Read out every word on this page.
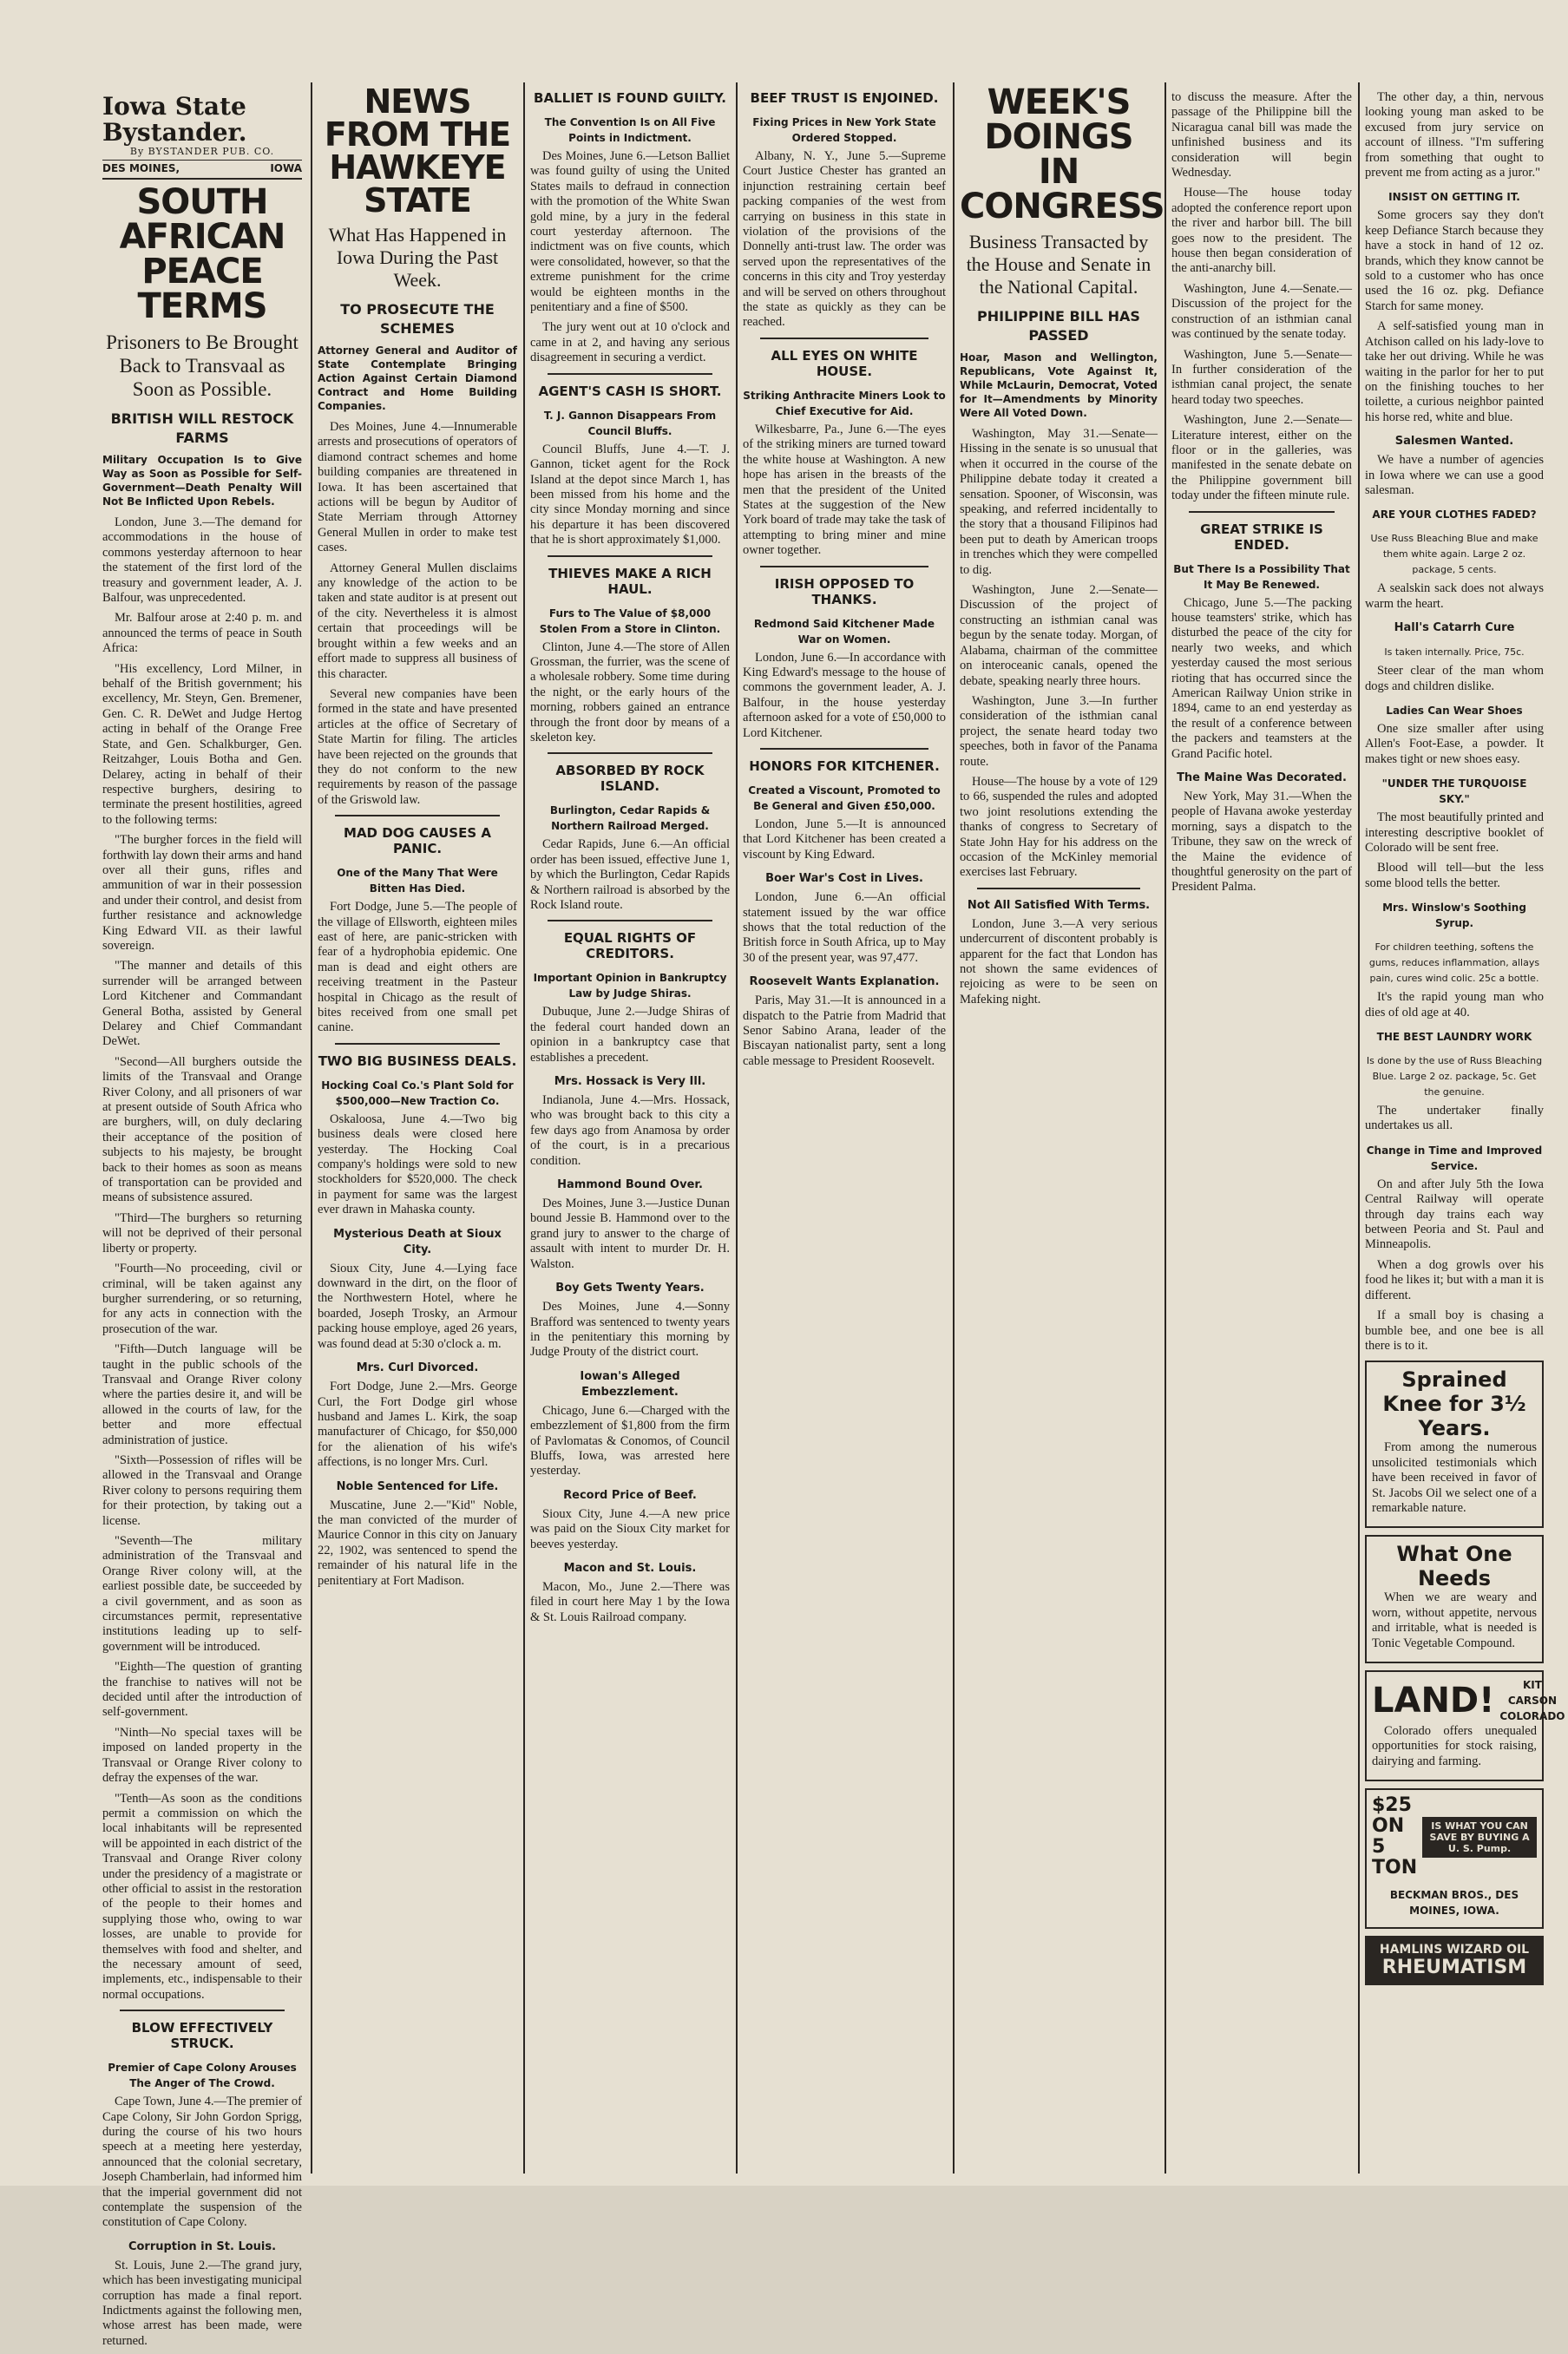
Iowa State Bystander.
By BYSTANDER PUB. CO.
DES MOINES,	IOWA
SOUTH AFRICAN PEACE TERMS
Prisoners to Be Brought Back to Transvaal as Soon as Possible.
BRITISH WILL RESTOCK FARMS
Military Occupation Is to Give Way as Soon as Possible for Self-Government—Death Penalty Will Not Be Inflicted Upon Rebels.

London, June 3.—The demand for accommodations in the house of commons yesterday afternoon to hear the statement of the first lord of the treasury and government leader, A. J. Balfour, was unprecedented.

Mr. Balfour arose at 2:40 p. m. and announced the terms of peace in South Africa:

"His excellency, Lord Milner, in behalf of the British government; his excellency, Mr. Steyn, Gen. Bremener, Gen. C. R. DeWet and Judge Hertog acting in behalf of the Orange Free State, and Gen. Schalkburger, Gen. Reitzahger, Louis Botha and Gen. Delarey, acting in behalf of their respective burghers, desiring to terminate the present hostilities, agreed to the following terms:

"The burgher forces in the field will forthwith lay down their arms and hand over all their guns, rifles and ammunition of war in their possession and under their control, and desist from further resistance and acknowledge King Edward VII. as their lawful sovereign.

"The manner and details of this surrender will be arranged between Lord Kitchener and Commandant General Botha, assisted by General Delarey and Chief Commandant DeWet.

"Second—All burghers outside the limits of the Transvaal and Orange River Colony, and all prisoners of war at present outside of South Africa who are burghers, will, on duly declaring their acceptance of the position of subjects to his majesty, be brought back to their homes as soon as means of transportation can be provided and means of subsistence assured.

"Third—The burghers so returning will not be deprived of their personal liberty or property.

"Fourth—No proceeding, civil or criminal, will be taken against any burgher surrendering, or so returning, for any acts in connection with the prosecution of the war.

"Fifth—Dutch language will be taught in the public schools of the Transvaal and Orange River colony where the parties desire it, and will be allowed in the courts of law, for the better and more effectual administration of justice.

"Sixth—Possession of rifles will be allowed in the Transvaal and Orange River colony to persons requiring them for their protection, by taking out a license.

"Seventh—The military administration of the Transvaal and Orange River colony will, at the earliest possible date, be succeeded by a civil government, and as soon as circumstances permit, representative institutions leading up to self-government will be introduced.

"Eighth—The question of granting the franchise to natives will not be decided until after the introduction of self-government.

"Ninth—No special taxes will be imposed on landed property in the Transvaal or Orange River colony to defray the expenses of the war.

"Tenth—As soon as the conditions permit a commission on which the local inhabitants will be represented will be appointed in each district of the Transvaal and Orange River colony under the presidency of a magistrate or other official to assist in the restoration of the people to their homes and supplying those who, owing to war losses, are unable to provide for themselves with food and shelter, and the necessary amount of seed, implements, etc., indispensable to their normal occupations.

BLOW EFFECTIVELY STRUCK.
Premier of Cape Colony Arouses The Anger of The Crowd.

Cape Town, June 4.—The premier of Cape Colony, Sir John Gordon Sprigg, during the course of his two hours speech at a meeting here yesterday, announced that the colonial secretary, Joseph Chamberlain, had informed him that the imperial government did not contemplate the suspension of the constitution of Cape Colony.

Corruption in St. Louis.

St. Louis, June 2.—The grand jury, which has been investigating municipal corruption has made a final report. Indictments against the following men, whose arrest has been made, were returned.

NEWS FROM THE HAWKEYE STATE
What Has Happened in Iowa During the Past Week.
TO PROSECUTE THE SCHEMES
Attorney General and Auditor of State Contemplate Bringing Action Against Certain Diamond Contract and Home Building Companies.

Des Moines, June 4.—Innumerable arrests and prosecutions of operators of diamond contract schemes and home building companies are threatened in Iowa. It has been ascertained that actions will be begun by Auditor of State Merriam through Attorney General Mullen in order to make test cases.

Attorney General Mullen disclaims any knowledge of the action to be taken and state auditor is at present out of the city. Nevertheless it is almost certain that proceedings will be brought within a few weeks and an effort made to suppress all business of this character.

Several new companies have been formed in the state and have presented articles at the office of Secretary of State Martin for filing. The articles have been rejected on the grounds that they do not conform to the new requirements by reason of the passage of the Griswold law.

MAD DOG CAUSES A PANIC.
One of the Many That Were Bitten Has Died.

Fort Dodge, June 5.—The people of the village of Ellsworth, eighteen miles east of here, are panic-stricken with fear of a hydrophobia epidemic. One man is dead and eight others are receiving treatment in the Pasteur hospital in Chicago as the result of bites received from one small pet canine.

TWO BIG BUSINESS DEALS.
Hocking Coal Co.'s Plant Sold for $500,000—New Traction Co.

Oskaloosa, June 4.—Two big business deals were closed here yesterday. The Hocking Coal company's holdings were sold to new stockholders for $520,000. The check in payment for same was the largest ever drawn in Mahaska county.

Mysterious Death at Sioux City.

Sioux City, June 4.—Lying face downward in the dirt, on the floor of the Northwestern Hotel, where he boarded, Joseph Trosky, an Armour packing house employe, aged 26 years, was found dead at 5:30 o'clock a. m.

Mrs. Curl Divorced.

Fort Dodge, June 2.—Mrs. George Curl, the Fort Dodge girl whose husband and James L. Kirk, the soap manufacturer of Chicago, for $50,000 for the alienation of his wife's affections, is no longer Mrs. Curl.

Noble Sentenced for Life.

Muscatine, June 2.—"Kid" Noble, the man convicted of the murder of Maurice Connor in this city on January 22, 1902, was sentenced to spend the remainder of his natural life in the penitentiary at Fort Madison.

BALLIET IS FOUND GUILTY.
The Convention Is on All Five Points in Indictment.

Des Moines, June 6.—Letson Balliet was found guilty of using the United States mails to defraud in connection with the promotion of the White Swan gold mine, by a jury in the federal court yesterday afternoon. The indictment was on five counts, which were consolidated, however, so that the extreme punishment for the crime would be eighteen months in the penitentiary and a fine of $500.

The jury went out at 10 o'clock and came in at 2, and having any serious disagreement in securing a verdict.

AGENT'S CASH IS SHORT.
T. J. Gannon Disappears From Council Bluffs.

Council Bluffs, June 4.—T. J. Gannon, ticket agent for the Rock Island at the depot since March 1, has been missed from his home and the city since Monday morning and since his departure it has been discovered that he is short approximately $1,000.

THIEVES MAKE A RICH HAUL.
Furs to The Value of $8,000 Stolen From a Store in Clinton.

Clinton, June 4.—The store of Allen Grossman, the furrier, was the scene of a wholesale robbery. Some time during the night, or the early hours of the morning, robbers gained an entrance through the front door by means of a skeleton key.

ABSORBED BY ROCK ISLAND.
Burlington, Cedar Rapids & Northern Railroad Merged.

Cedar Rapids, June 6.—An official order has been issued, effective June 1, by which the Burlington, Cedar Rapids & Northern railroad is absorbed by the Rock Island route.

EQUAL RIGHTS OF CREDITORS.
Important Opinion in Bankruptcy Law by Judge Shiras.

Dubuque, June 2.—Judge Shiras of the federal court handed down an opinion in a bankruptcy case that establishes a precedent.

Mrs. Hossack is Very Ill.

Indianola, June 4.—Mrs. Hossack, who was brought back to this city a few days ago from Anamosa by order of the court, is in a precarious condition.

Hammond Bound Over.

Des Moines, June 3.—Justice Dunan bound Jessie B. Hammond over to the grand jury to answer to the charge of assault with intent to murder Dr. H. Walston.

Boy Gets Twenty Years.

Des Moines, June 4.—Sonny Brafford was sentenced to twenty years in the penitentiary this morning by Judge Prouty of the district court.

Iowan's Alleged Embezzlement.

Chicago, June 6.—Charged with the embezzlement of $1,800 from the firm of Pavlomatas & Conomos, of Council Bluffs, Iowa, was arrested here yesterday.

Record Price of Beef.

Sioux City, June 4.—A new price was paid on the Sioux City market for beeves yesterday.

Macon and St. Louis.

Macon, Mo., June 2.—There was filed in court here May 1 by the Iowa & St. Louis Railroad company.

BEEF TRUST IS ENJOINED.
Fixing Prices in New York State Ordered Stopped.

Albany, N. Y., June 5.—Supreme Court Justice Chester has granted an injunction restraining certain beef packing companies of the west from carrying on business in this state in violation of the provisions of the Donnelly anti-trust law. The order was served upon the representatives of the concerns in this city and Troy yesterday and will be served on others throughout the state as quickly as they can be reached.

ALL EYES ON WHITE HOUSE.
Striking Anthracite Miners Look to Chief Executive for Aid.

Wilkesbarre, Pa., June 6.—The eyes of the striking miners are turned toward the white house at Washington. A new hope has arisen in the breasts of the men that the president of the United States at the suggestion of the New York board of trade may take the task of attempting to bring miner and mine owner together.

IRISH OPPOSED TO THANKS.
Redmond Said Kitchener Made War on Women.

London, June 6.—In accordance with King Edward's message to the house of commons the government leader, A. J. Balfour, in the house yesterday afternoon asked for a vote of £50,000 to Lord Kitchener.

HONORS FOR KITCHENER.
Created a Viscount, Promoted to Be General and Given £50,000.

London, June 5.—It is announced that Lord Kitchener has been created a viscount by King Edward.

Boer War's Cost in Lives.

London, June 6.—An official statement issued by the war office shows that the total reduction of the British force in South Africa, up to May 30 of the present year, was 97,477.

Roosevelt Wants Explanation.

Paris, May 31.—It is announced in a dispatch to the Patrie from Madrid that Senor Sabino Arana, leader of the Biscayan nationalist party, sent a long cable message to President Roosevelt.

WEEK'S DOINGS IN CONGRESS
Business Transacted by the House and Senate in the National Capital.
PHILIPPINE BILL HAS PASSED
Hoar, Mason and Wellington, Republicans, Vote Against It, While McLaurin, Democrat, Voted for It—Amendments by Minority Were All Voted Down.

Washington, May 31.—Senate—Hissing in the senate is so unusual that when it occurred in the course of the Philippine debate today it created a sensation. Spooner, of Wisconsin, was speaking, and referred incidentally to the story that a thousand Filipinos had been put to death by American troops in trenches which they were compelled to dig.

Washington, June 2.—Senate—Discussion of the project of constructing an isthmian canal was begun by the senate today. Morgan, of Alabama, chairman of the committee on interoceanic canals, opened the debate, speaking nearly three hours.

Washington, June 3.—In further consideration of the isthmian canal project, the senate heard today two speeches, both in favor of the Panama route.

House—The house by a vote of 129 to 66, suspended the rules and adopted two joint resolutions extending the thanks of congress to Secretary of State John Hay for his address on the occasion of the McKinley memorial exercises last February.

Not All Satisfied With Terms.

London, June 3.—A very serious undercurrent of discontent probably is apparent for the fact that London has not shown the same evidences of rejoicing as were to be seen on Mafeking night.

to discuss the measure. After the passage of the Philippine bill the Nicaragua canal bill was made the unfinished business and its consideration will begin Wednesday.

House—The house today adopted the conference report upon the river and harbor bill. The bill goes now to the president. The house then began consideration of the anti-anarchy bill.

Washington, June 4.—Senate.—Discussion of the project for the construction of an isthmian canal was continued by the senate today.

Washington, June 5.—Senate—In further consideration of the isthmian canal project, the senate heard today two speeches.

Washington, June 2.—Senate—Literature interest, either on the floor or in the galleries, was manifested in the senate debate on the Philippine government bill today under the fifteen minute rule.

GREAT STRIKE IS ENDED.
But There Is a Possibility That It May Be Renewed.

Chicago, June 5.—The packing house teamsters' strike, which has disturbed the peace of the city for nearly two weeks, and which yesterday caused the most serious rioting that has occurred since the American Railway Union strike in 1894, came to an end yesterday as the result of a conference between the packers and teamsters at the Grand Pacific hotel.

The Maine Was Decorated.

New York, May 31.—When the people of Havana awoke yesterday morning, says a dispatch to the Tribune, they saw on the wreck of the Maine the evidence of thoughtful generosity on the part of President Palma.

The other day, a thin, nervous looking young man asked to be excused from jury service on account of illness. "I'm suffering from something that ought to prevent me from acting as a juror."

INSIST ON GETTING IT.

Some grocers say they don't keep Defiance Starch because they have a stock in hand of 12 oz. brands, which they know cannot be sold to a customer who has once used the 16 oz. pkg. Defiance Starch for same money.

A self-satisfied young man in Atchison called on his lady-love to take her out driving. While he was waiting in the parlor for her to put on the finishing touches to her toilette, a curious neighbor painted his horse red, white and blue.

Salesmen Wanted.

We have a number of agencies in Iowa where we can use a good salesman.

ARE YOUR CLOTHES FADED?
Use Russ Bleaching Blue and make them white again. Large 2 oz. package, 5 cents.

A sealskin sack does not always warm the heart.

Hall's Catarrh Cure
Is taken internally. Price, 75c.

Steer clear of the man whom dogs and children dislike.

Ladies Can Wear Shoes

One size smaller after using Allen's Foot-Ease, a powder. It makes tight or new shoes easy.

"UNDER THE TURQUOISE SKY."

The most beautifully printed and interesting descriptive booklet of Colorado will be sent free.

Blood will tell—but the less some blood tells the better.

Mrs. Winslow's Soothing Syrup.
For children teething, softens the gums, reduces inflammation, allays pain, cures wind colic. 25c a bottle.

It's the rapid young man who dies of old age at 40.

THE BEST LAUNDRY WORK
Is done by the use of Russ Bleaching Blue. Large 2 oz. package, 5c. Get the genuine.

The undertaker finally undertakes us all.

Change in Time and Improved Service.

On and after July 5th the Iowa Central Railway will operate through day trains each way between Peoria and St. Paul and Minneapolis.

When a dog growls over his food he likes it; but with a man it is different.

If a small boy is chasing a bumble bee, and one bee is all there is to it.

Sprained Knee for 3½ Years.

From among the numerous unsolicited testimonials which have been received in favor of St. Jacobs Oil we select one of a remarkable nature.

What One Needs

When we are weary and worn, without appetite, nervous and irritable, what is needed is Tonic Vegetable Compound.

LAND!	KIT CARSON COLORADO

Colorado offers unequaled opportunities for stock raising, dairying and farming.

$25 ON
5 TON
IS WHAT YOU CAN SAVE BY BUYING A U. S. Pump.
BECKMAN BROS., DES MOINES, IOWA.
HAMLINS WIZARD OIL
RHEUMATISM
